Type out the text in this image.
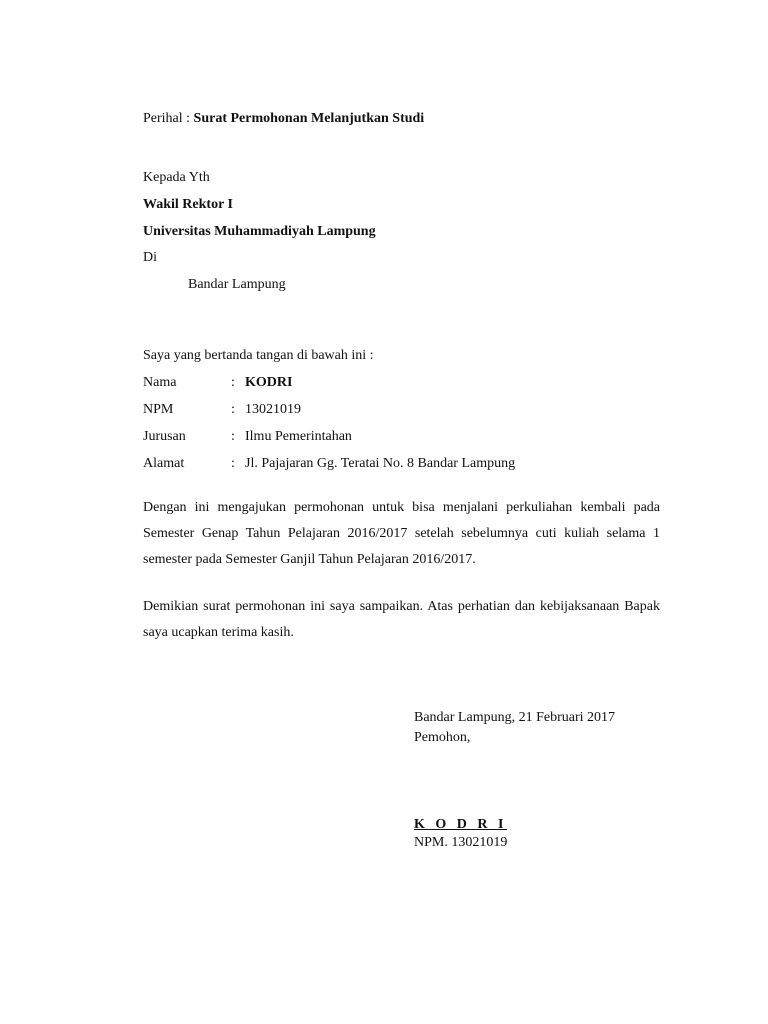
Perihal : Surat Permohonan Melanjutkan Studi
Kepada Yth
Wakil Rektor I
Universitas Muhammadiyah Lampung
Di
Bandar Lampung
Saya yang bertanda tangan di bawah ini :
Nama	: KODRI
NPM	: 13021019
Jurusan	: Ilmu Pemerintahan
Alamat	: Jl. Pajajaran Gg. Teratai No. 8 Bandar Lampung
Dengan ini mengajukan permohonan untuk bisa menjalani perkuliahan kembali pada Semester Genap Tahun Pelajaran 2016/2017 setelah sebelumnya cuti kuliah selama 1 semester pada Semester Ganjil Tahun Pelajaran 2016/2017.
Demikian surat permohonan ini saya sampaikan. Atas perhatian dan kebijaksanaan Bapak saya ucapkan terima kasih.
Bandar Lampung, 21 Februari 2017
Pemohon,
K O D R I
NPM. 13021019
